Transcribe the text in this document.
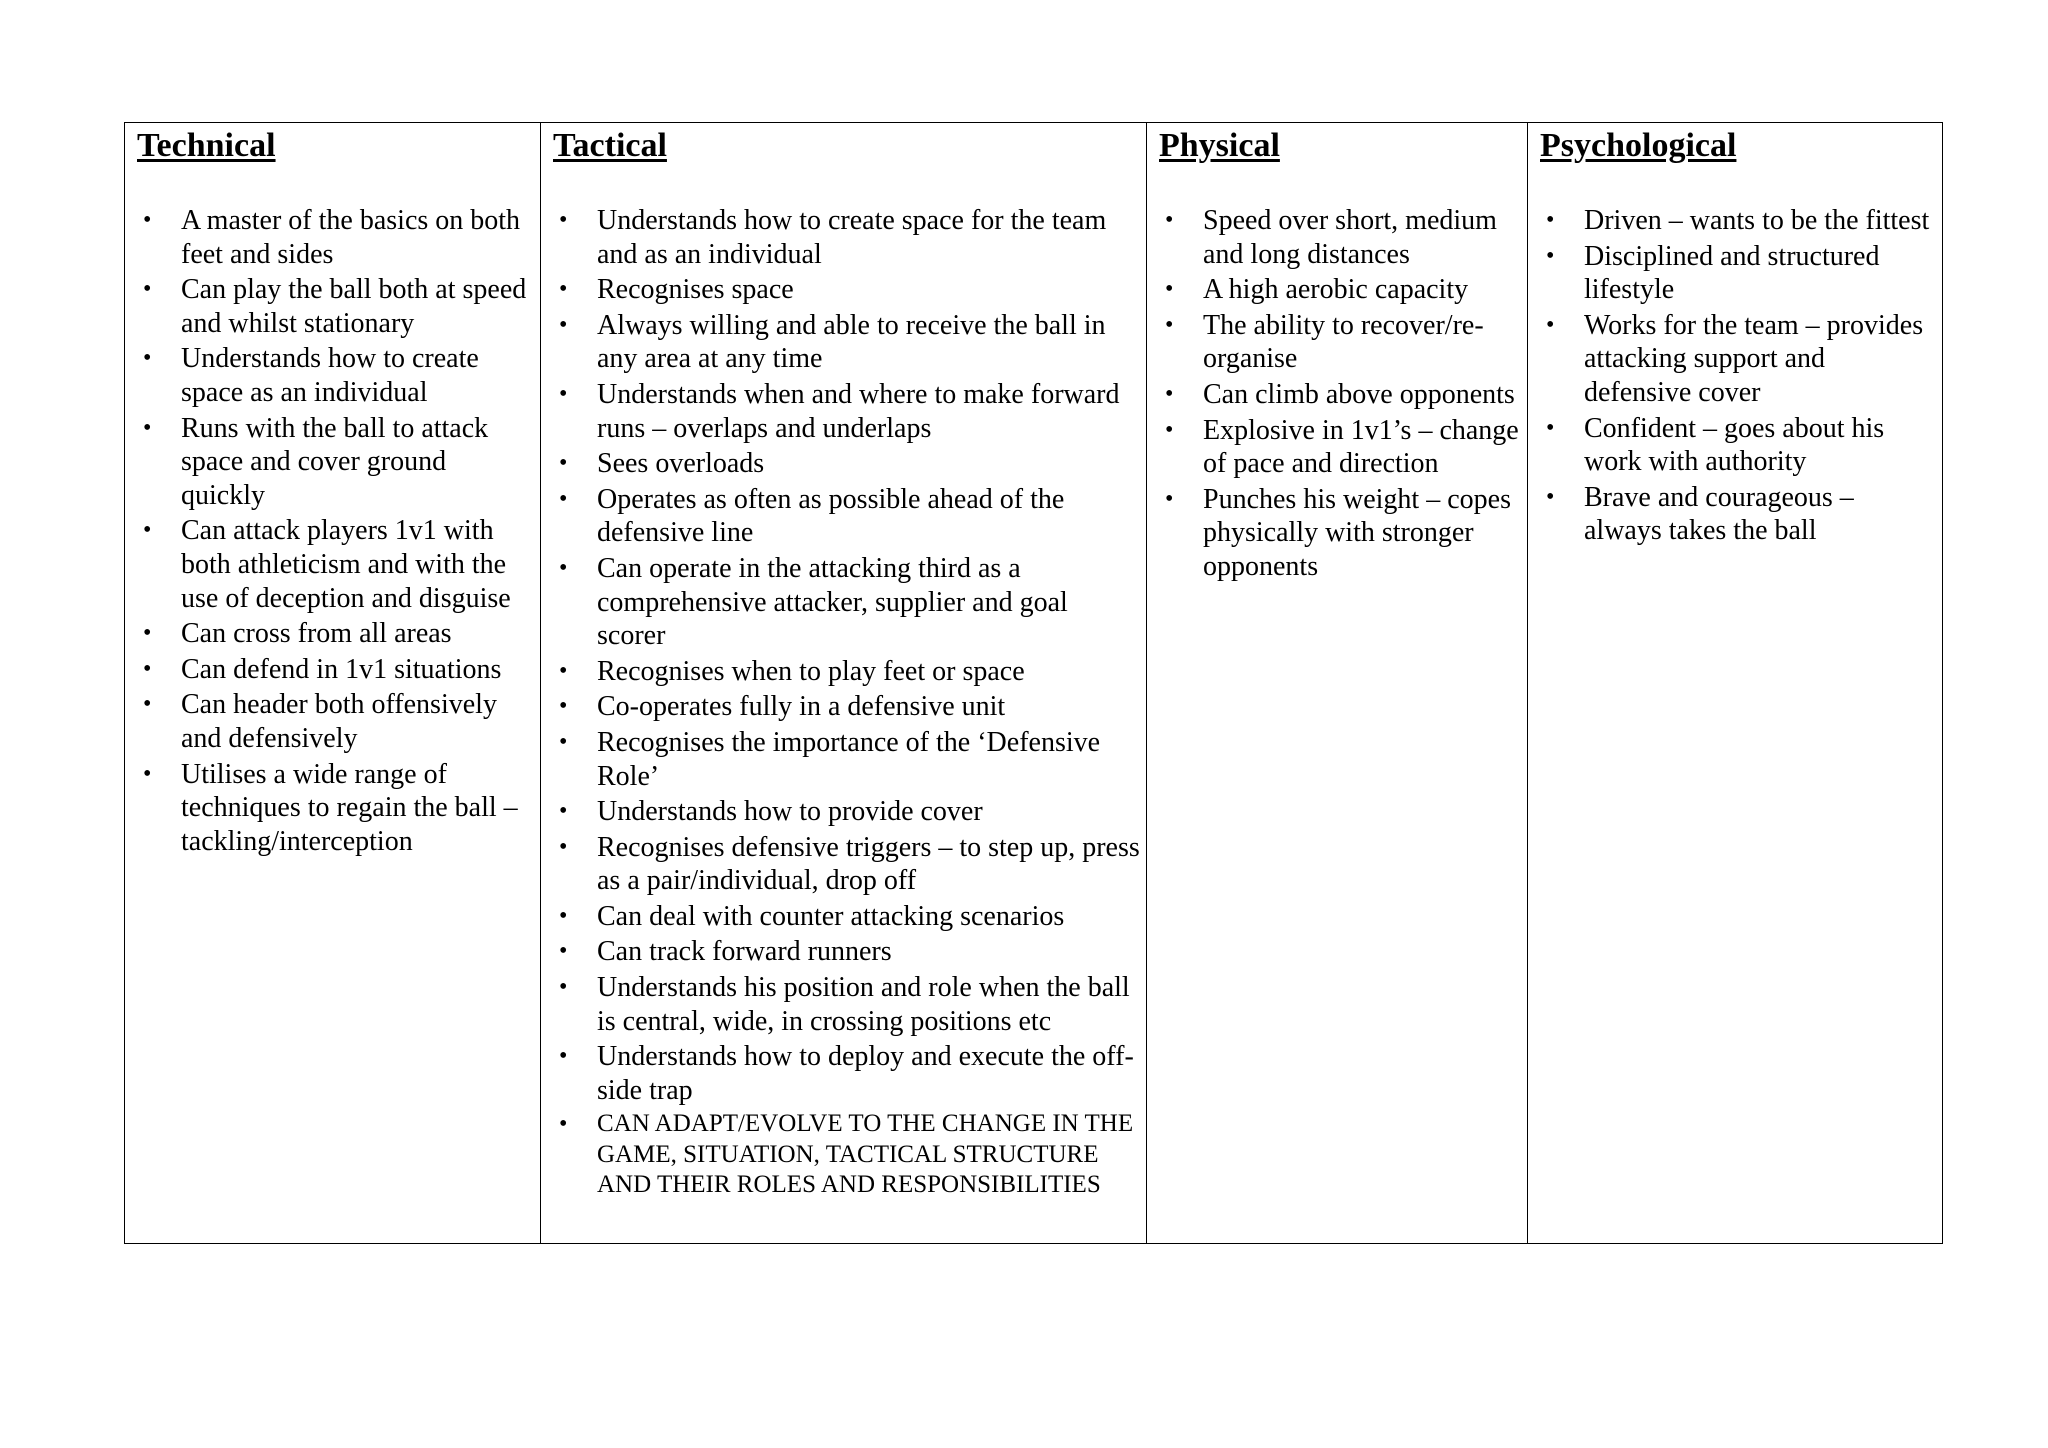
Technical
• A master of the basics on both feet and sides
• Can play the ball both at speed and whilst stationary
• Understands how to create space as an individual
• Runs with the ball to attack space and cover ground quickly
• Can attack players 1v1 with both athleticism and with the use of deception and disguise
• Can cross from all areas
• Can defend in 1v1 situations
• Can header both offensively and defensively
• Utilises a wide range of techniques to regain the ball – tackling/interception

Tactical
• Understands how to create space for the team and as an individual
• Recognises space
• Always willing and able to receive the ball in any area at any time
• Understands when and where to make forward runs – overlaps and underlaps
• Sees overloads
• Operates as often as possible ahead of the defensive line
• Can operate in the attacking third as a comprehensive attacker, supplier and goal scorer
• Recognises when to play feet or space
• Co-operates fully in a defensive unit
• Recognises the importance of the ‘Defensive Role’
• Understands how to provide cover
• Recognises defensive triggers – to step up, press as a pair/individual, drop off
• Can deal with counter attacking scenarios
• Can track forward runners
• Understands his position and role when the ball is central, wide, in crossing positions etc
• Understands how to deploy and execute the off-side trap
• CAN ADAPT/EVOLVE TO THE CHANGE IN THE GAME, SITUATION, TACTICAL STRUCTURE AND THEIR ROLES AND RESPONSIBILITIES

Physical
• Speed over short, medium and long distances
• A high aerobic capacity
• The ability to recover/re-organise
• Can climb above opponents
• Explosive in 1v1’s – change of pace and direction
• Punches his weight – copes physically with stronger opponents

Psychological
• Driven – wants to be the fittest
• Disciplined and structured lifestyle
• Works for the team – provides attacking support and defensive cover
• Confident – goes about his work with authority
• Brave and courageous – always takes the ball
